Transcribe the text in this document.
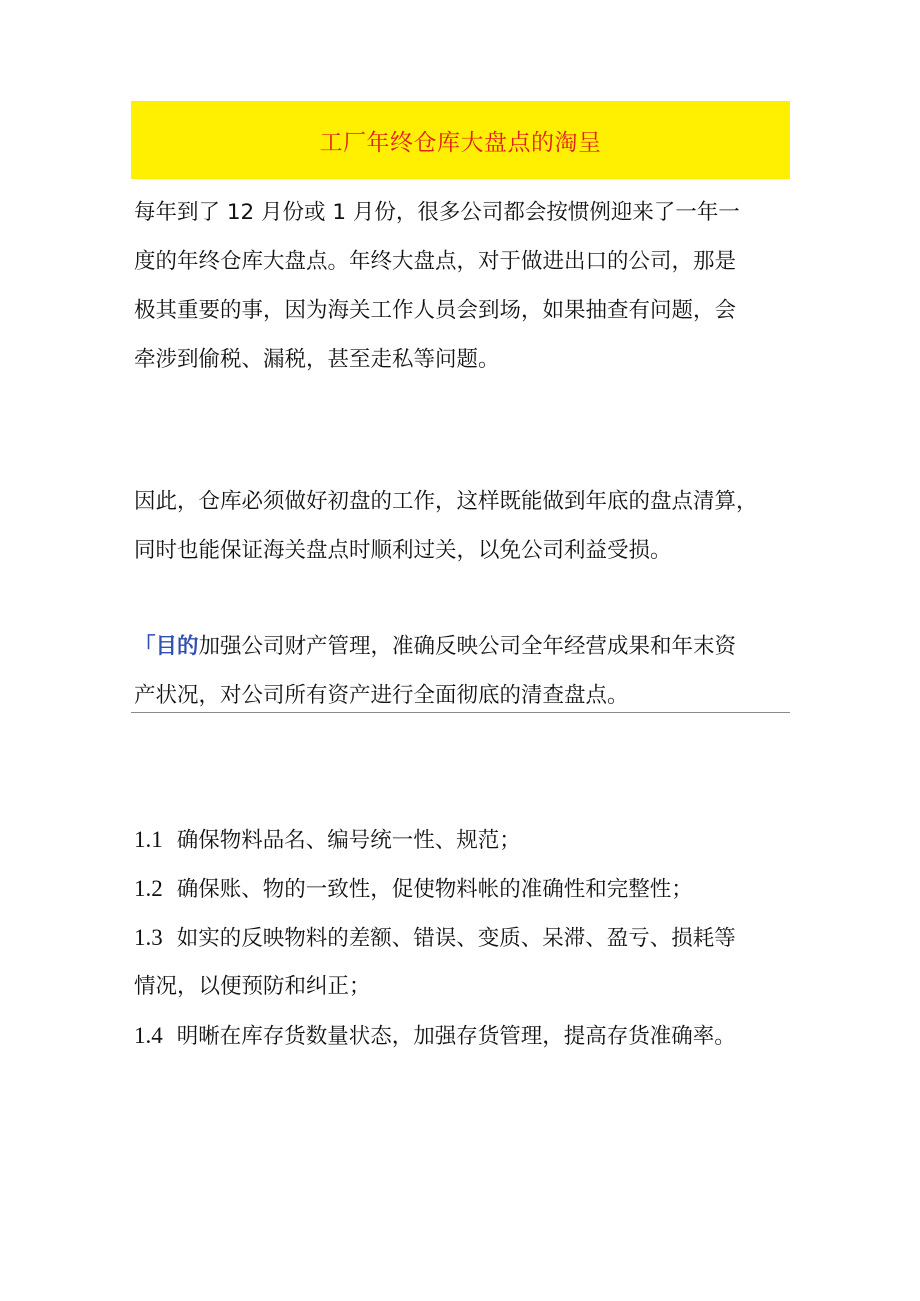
工厂年终仓库大盘点的淘呈
每年到了 12 月份或 1 月份，很多公司都会按惯例迎来了一年一
度的年终仓库大盘点。年终大盘点，对于做进出口的公司，那是
极其重要的事，因为海关工作人员会到场，如果抽查有问题，会
牵涉到偷税、漏税，甚至走私等问题。
因此，仓库必须做好初盘的工作，这样既能做到年底的盘点清算，
同时也能保证海关盘点时顺利过关，以免公司利益受损。
「目的加强公司财产管理，准确反映公司全年经营成果和年末资
产状况，对公司所有资产进行全面彻底的清查盘点。
1.1 确保物料品名、编号统一性、规范；
1.2 确保账、物的一致性，促使物料帐的准确性和完整性；
1.3 如实的反映物料的差额、错误、变质、呆滞、盈亏、损耗等
情况，以便预防和纠正；
1.4 明晰在库存货数量状态，加强存货管理，提高存货准确率。
